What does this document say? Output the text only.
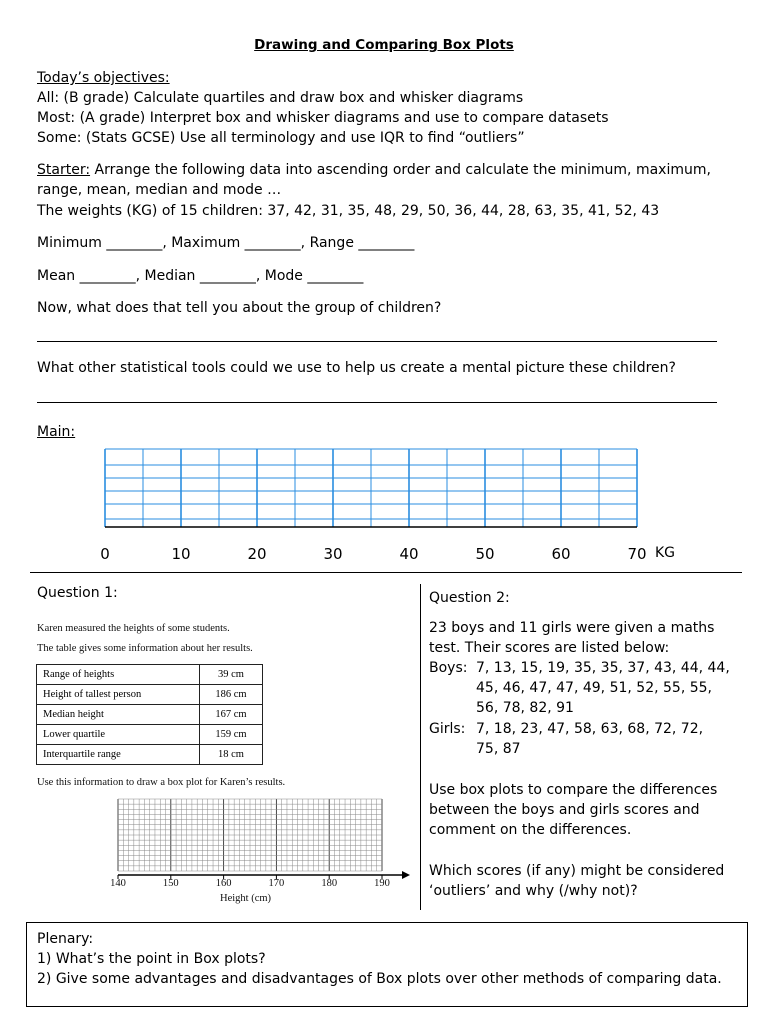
Drawing and Comparing Box Plots
Today’s objectives:
All: (B grade) Calculate quartiles and draw box and whisker diagrams
Most: (A grade) Interpret box and whisker diagrams and use to compare datasets
Some: (Stats GCSE) Use all terminology and use IQR to find “outliers”
Starter: Arrange the following data into ascending order and calculate the minimum, maximum,
range, mean, median and mode …
The weights (KG) of 15 children: 37, 42, 31, 35, 48, 29, 50, 36, 44, 28, 63, 35, 41, 52, 43
Minimum ________, Maximum ________, Range ________
Mean ________, Median ________, Mode ________
Now, what does that tell you about the group of children?
What other statistical tools could we use to help us create a mental picture these children?
Main:
0	10	20	30	40	50	60	70 KG
Question 1:
Karen measured the heights of some students.
The table gives some information about her results.
Range of heights	39 cm
Height of tallest person	186 cm
Median height	167 cm
Lower quartile	159 cm
Interquartile range	18 cm
Use this information to draw a box plot for Karen’s results.
140	150	160	170	180	190
Height (cm)
Question 2:
23 boys and 11 girls were given a maths
test. Their scores are listed below:
Boys: 7, 13, 15, 19, 35, 35, 37, 43, 44, 44,
45, 46, 47, 47, 49, 51, 52, 55, 55,
56, 78, 82, 91
Girls: 7, 18, 23, 47, 58, 63, 68, 72, 72,
75, 87
Use box plots to compare the differences
between the boys and girls scores and
comment on the differences.
Which scores (if any) might be considered
‘outliers’ and why (/why not)?
Plenary:
1) What’s the point in Box plots?
2) Give some advantages and disadvantages of Box plots over other methods of comparing data.
